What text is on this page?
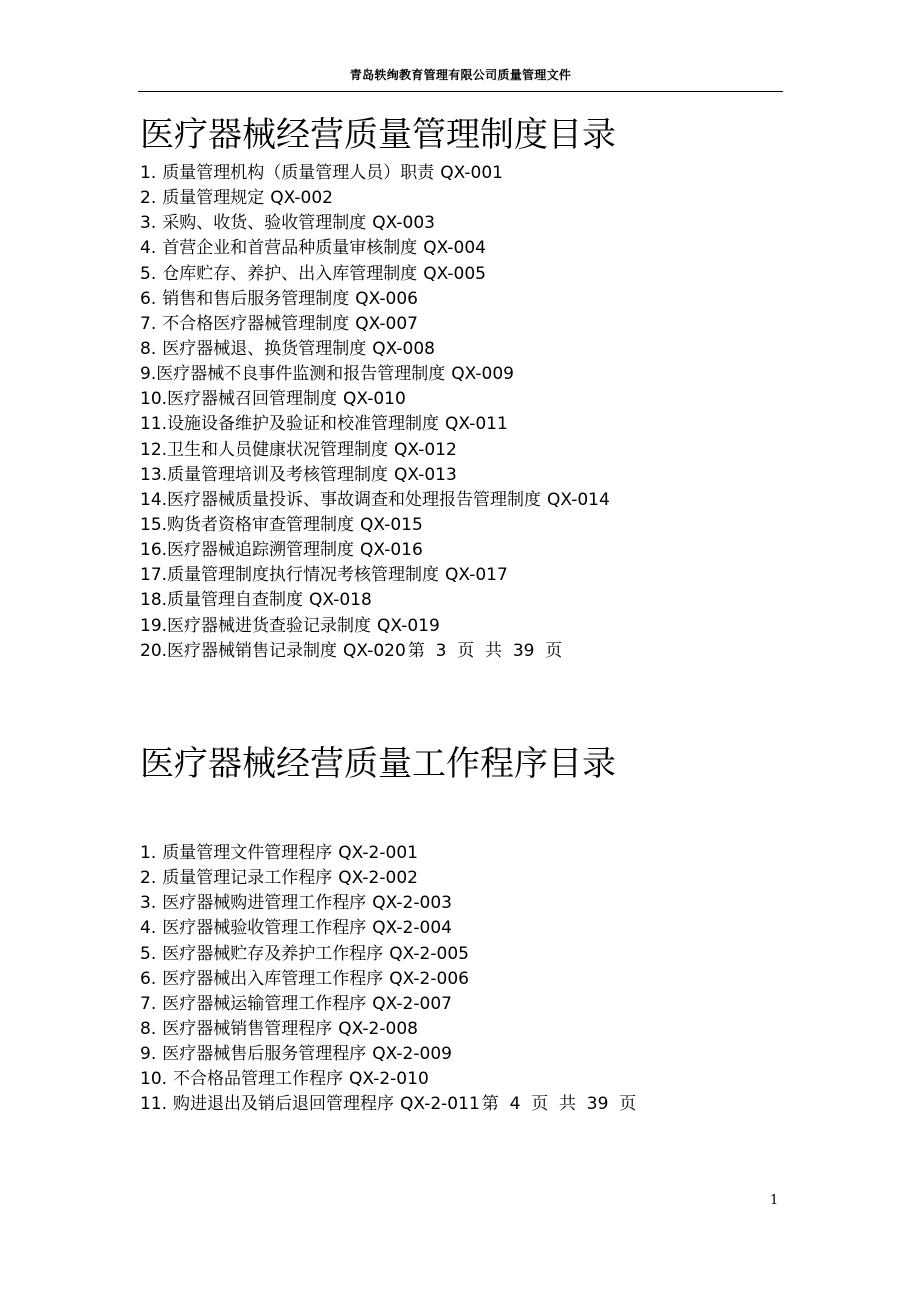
青岛轶绚教育管理有限公司质量管理文件
医疗器械经营质量管理制度目录
1. 质量管理机构（质量管理人员）职责 QX-001
2. 质量管理规定 QX-002
3. 采购、收货、验收管理制度 QX-003
4. 首营企业和首营品种质量审核制度 QX-004
5. 仓库贮存、养护、出入库管理制度 QX-005
6. 销售和售后服务管理制度 QX-006
7. 不合格医疗器械管理制度 QX-007
8. 医疗器械退、换货管理制度 QX-008
9.医疗器械不良事件监测和报告管理制度 QX-009
10.医疗器械召回管理制度 QX-010
11.设施设备维护及验证和校准管理制度 QX-011
12.卫生和人员健康状况管理制度 QX-012
13.质量管理培训及考核管理制度 QX-013
14.医疗器械质量投诉、事故调查和处理报告管理制度 QX-014
15.购货者资格审查管理制度 QX-015
16.医疗器械追踪溯管理制度 QX-016
17.质量管理制度执行情况考核管理制度 QX-017
18.质量管理自查制度 QX-018
19.医疗器械进货查验记录制度 QX-019
20.医疗器械销售记录制度 QX-020 第  3  页  共  39  页
医疗器械经营质量工作程序目录
1. 质量管理文件管理程序 QX-2-001
2. 质量管理记录工作程序 QX-2-002
3. 医疗器械购进管理工作程序 QX-2-003
4. 医疗器械验收管理工作程序 QX-2-004
5. 医疗器械贮存及养护工作程序 QX-2-005
6. 医疗器械出入库管理工作程序 QX-2-006
7. 医疗器械运输管理工作程序 QX-2-007
8. 医疗器械销售管理程序 QX-2-008
9. 医疗器械售后服务管理程序 QX-2-009
10. 不合格品管理工作程序 QX-2-010
11. 购进退出及销后退回管理程序 QX-2-011 第  4  页  共  39  页
1
